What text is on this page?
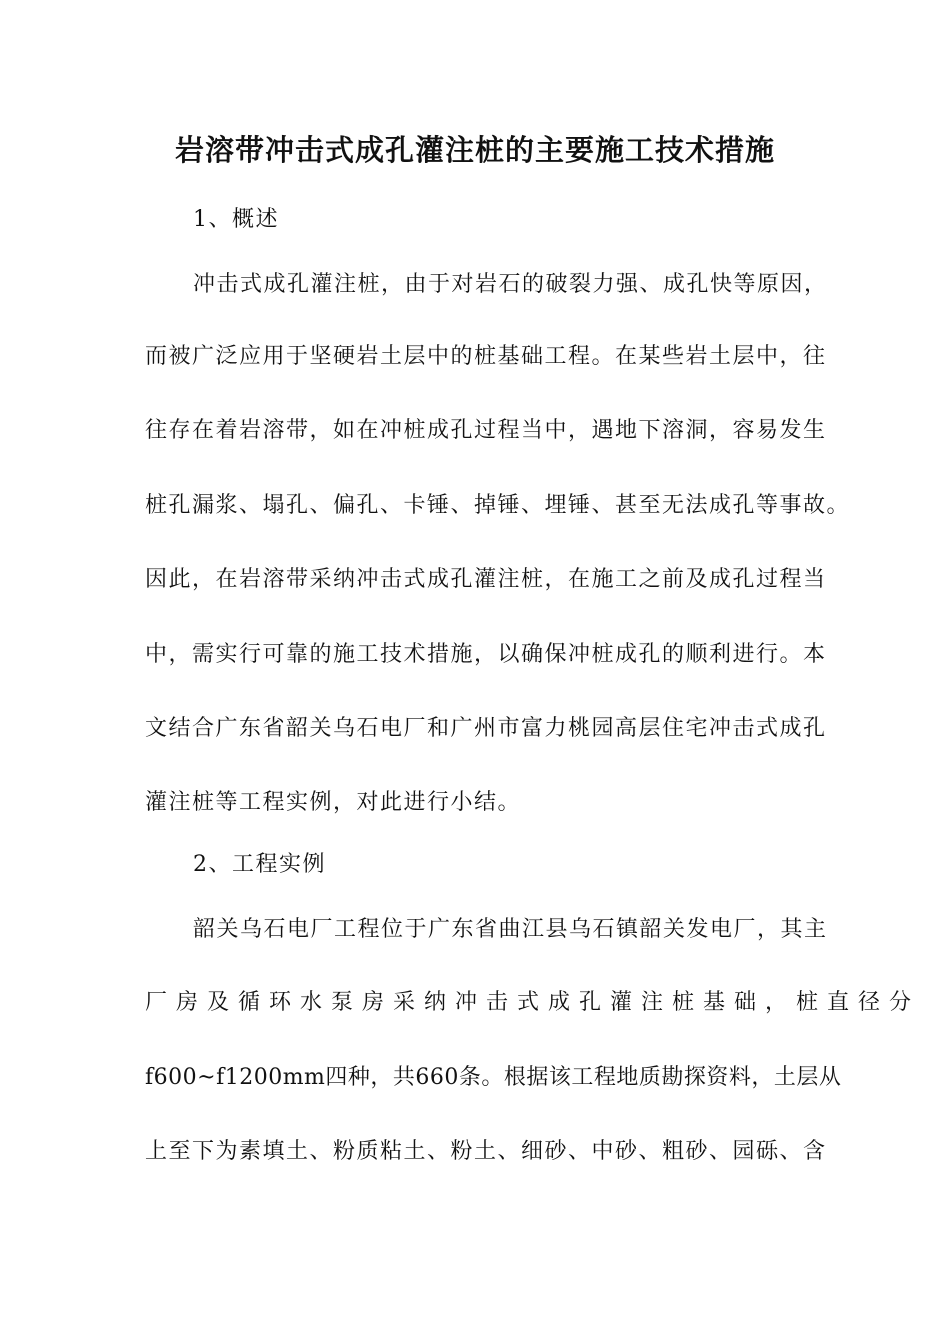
岩溶带冲击式成孔灌注桩的主要施工技术措施
1、概述
冲击式成孔灌注桩，由于对岩石的破裂力强、成孔快等原因，
而被广泛应用于坚硬岩土层中的桩基础工程。在某些岩土层中，往
往存在着岩溶带，如在冲桩成孔过程当中，遇地下溶洞，容易发生
桩孔漏浆、塌孔、偏孔、卡锤、掉锤、埋锤、甚至无法成孔等事故。
因此，在岩溶带采纳冲击式成孔灌注桩，在施工之前及成孔过程当
中，需实行可靠的施工技术措施，以确保冲桩成孔的顺利进行。本
文结合广东省韶关乌石电厂和广州市富力桃园高层住宅冲击式成孔
灌注桩等工程实例，对此进行小结。
2、工程实例
韶关乌石电厂工程位于广东省曲江县乌石镇韶关发电厂，其主
厂房及循环水泵房采纳冲击式成孔灌注桩基础，桩直径分
f600~f1200mm四种，共660条。根据该工程地质勘探资料，土层从
上至下为素填土、粉质粘土、粉土、细砂、中砂、粗砂、园砾、含
